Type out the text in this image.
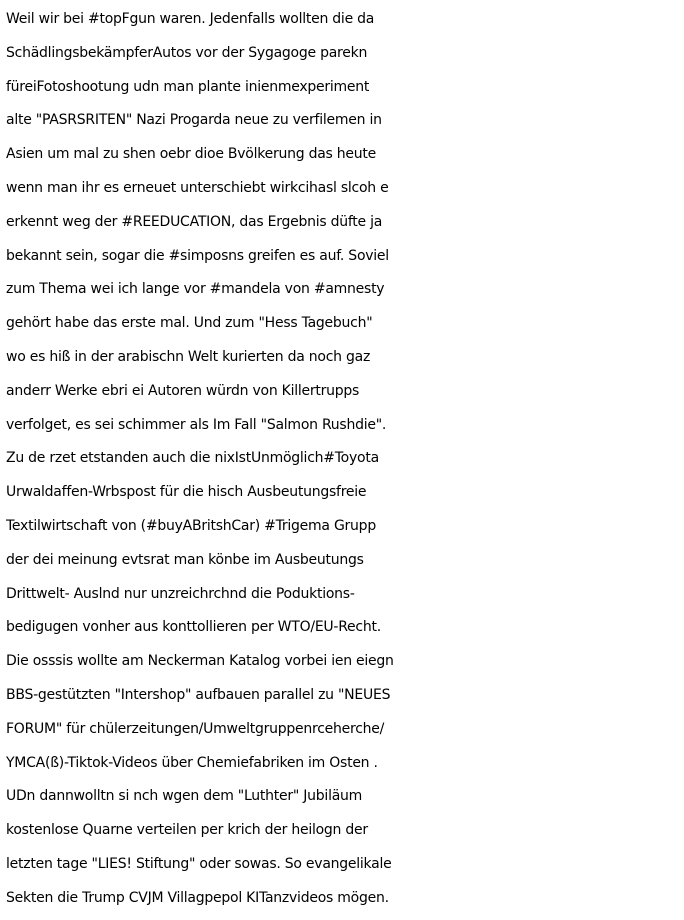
Weil wir bei #topFgun waren. Jedenfalls wollten die da
SchädlingsbekämpferAutos vor der Sygagoge parekn
füreiFotoshootung udn man plante inienmexperiment
alte "PASRSRITEN" Nazi Progarda neue zu verfilemen in
Asien um mal zu shen oebr dioe Bvölkerung das heute
wenn man ihr es erneuet unterschiebt wirkcihasl slcoh e
erkennt weg der #REEDUCATION, das Ergebnis düfte ja
bekannt sein, sogar die #simposns greifen es auf. Soviel
zum Thema wei ich lange vor #mandela von #amnesty
gehört habe das erste mal. Und zum "Hess Tagebuch"
wo es hiß in der arabischn Welt kurierten da noch gaz
anderr Werke ebri ei Autoren würdn von Killertrupps
verfolget, es sei schimmer als Im Fall "Salmon Rushdie".
Zu de rzet etstanden auch die nixIstUnmöglich#Toyota
Urwaldaffen-Wrbspost für die hisch Ausbeutungsfreie
Textilwirtschaft von (#buyABritshCar) #Trigema Grupp
der dei meinung evtsrat man könbe im Ausbeutungs
Drittwelt- Auslnd nur unzreichrchnd die Poduktions-
bedigugen vonher aus konttollieren per WTO/EU-Recht.
Die osssis wollte am Neckerman Katalog vorbei ien eiegn
BBS-gestützten "Intershop" aufbauen parallel zu "NEUES
FORUM" für chülerzeitungen/Umweltgruppenrceherche/
YMCA(ß)-Tiktok-Videos über Chemiefabriken im Osten .
UDn dannwolltn si nch wgen dem "Luthter" Jubiläum
kostenlose Quarne verteilen per krich der heilogn der
letzten tage "LIES! Stiftung" oder sowas. So evangelikale
Sekten die Trump CVJM Villagpepol KITanzvideos mögen.
